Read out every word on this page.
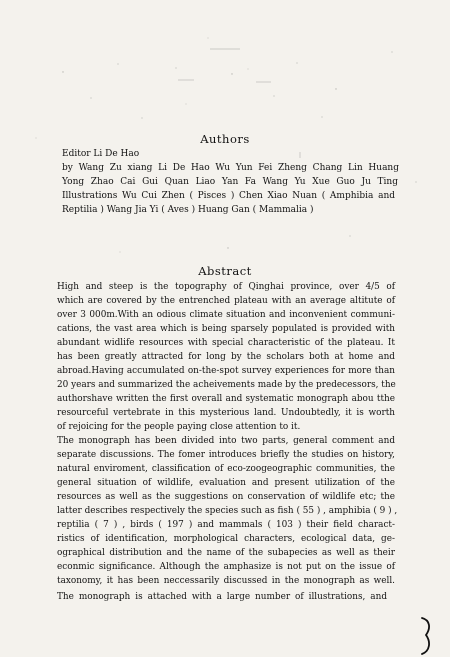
Authors
Editor Li De Hao
by Wang Zu xiang Li De Hao Wu Yun Fei Zheng Chang Lin Huang
Yong Zhao Cai Gui Quan Liao Yan Fa Wang Yu Xue Guo Ju Ting
Illustrations Wu Cui Zhen ( Pisces ) Chen Xiao Nuan ( Amphibia and
Reptilia ) Wang Jia Yi ( Aves ) Huang Gan ( Mammalia )
Abstract
High and steep is the topography of Qinghai province, over 4/5 of
which are covered by the entrenched plateau with an average altitute of
over 3 000m.With an odious climate situation and inconvenient communi-
cations, the vast area which is being sparsely populated is provided with
abundant widlife resources with special characteristic of the plateau. It
has been greatly attracted for long by the scholars both at home and
abroad.Having accumulated on-the-spot survey experiences for more than
20 years and summarized the acheivements made by the predecessors, the
authorshave written the first overall and systematic monograph abou tthe
resourceful vertebrate in this mysterious land. Undoubtedly, it is worth
of rejoicing for the people paying close attention to it.
The monograph has been divided into two parts, general comment and
separate discussions. The fomer introduces briefly the studies on history,
natural enviroment, classification of eco-zoogeographic communities, the
general situation of wildlife, evaluation and present utilization of the
resources as well as the suggestions on conservation of wildlife etc; the
latter describes respectively the species such as fish ( 55 ) , amphibia ( 9 ) ,
reptilia ( 7 ) , birds ( 197 ) and mammals ( 103 ) their field charact-
ristics of identification, morphological characters, ecological data, ge-
ographical distribution and the name of the subapecies as well as their
econmic significance. Although the amphasize is not put on the issue of
taxonomy, it has been neccessarily discussed in the monograph as well.
The monograph is attached with a large number of illustrations, and
